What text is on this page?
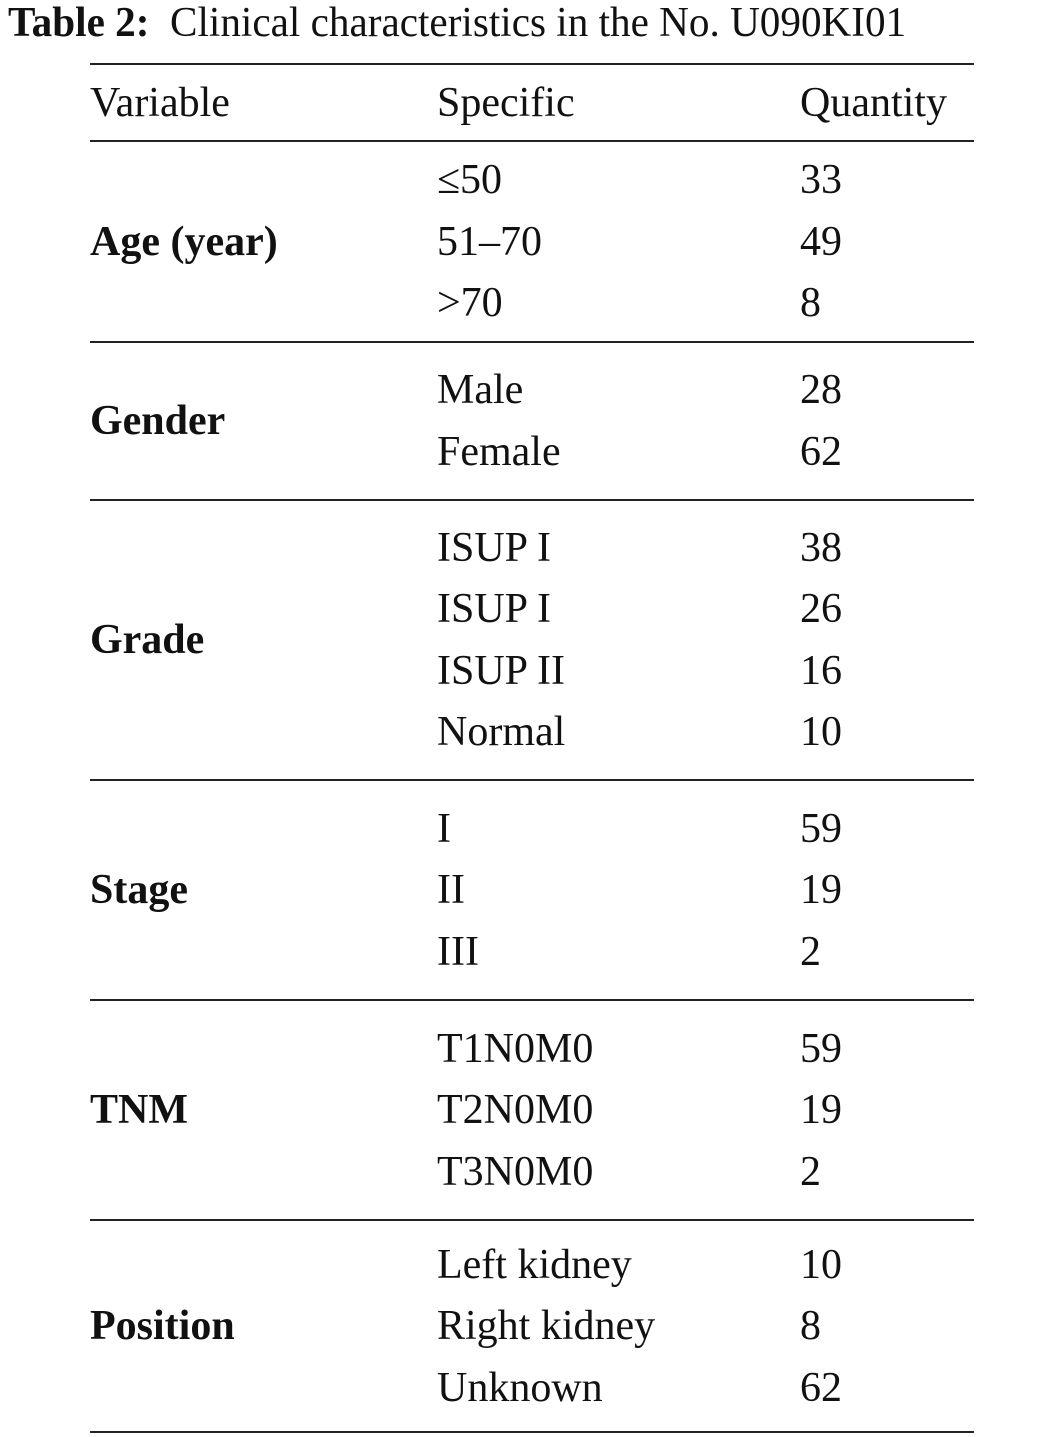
Table 2: Clinical characteristics in the No. U090KI01
Variable	Specific	Quantity
Age (year)
≤50	33
51–70	49
>70	8
Gender
Male	28
Female	62
Grade
ISUP I	38
ISUP I	26
ISUP II	16
Normal	10
Stage
I	59
II	19
III	2
TNM
T1N0M0	59
T2N0M0	19
T3N0M0	2
Position
Left kidney	10
Right kidney	8
Unknown	62
